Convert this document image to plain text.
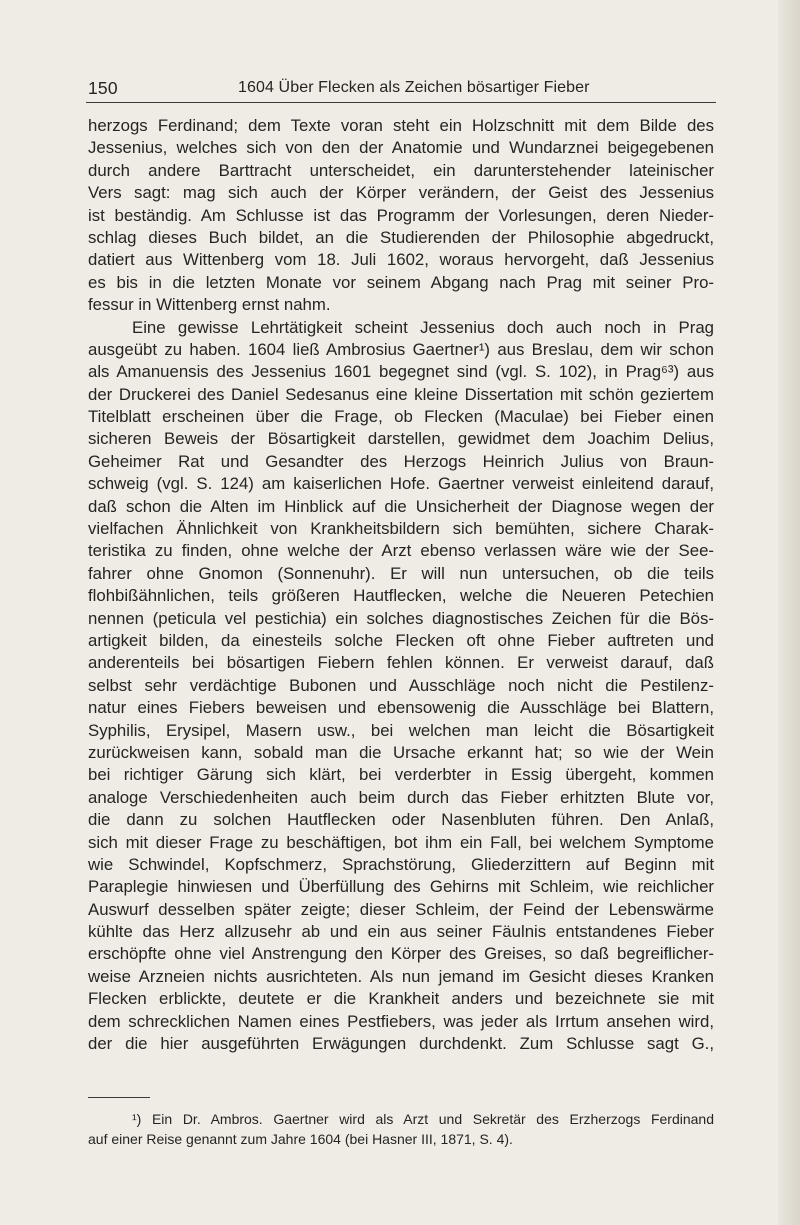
150	1604 Über Flecken als Zeichen bösartiger Fieber
herzogs Ferdinand; dem Texte voran steht ein Holzschnitt mit dem Bilde des
Jessenius, welches sich von den der Anatomie und Wundarznei beigegebenen
durch andere Barttracht unterscheidet, ein darunterstehender lateinischer
Vers sagt: mag sich auch der Körper verändern, der Geist des Jessenius
ist beständig. Am Schlusse ist das Programm der Vorlesungen, deren Nieder-
schlag dieses Buch bildet, an die Studierenden der Philosophie abgedruckt,
datiert aus Wittenberg vom 18. Juli 1602, woraus hervorgeht, daß Jessenius
es bis in die letzten Monate vor seinem Abgang nach Prag mit seiner Pro-
fessur in Wittenberg ernst nahm.
Eine gewisse Lehrtätigkeit scheint Jessenius doch auch noch in Prag
ausgeübt zu haben. 1604 ließ Ambrosius Gaertner¹) aus Breslau, dem wir schon
als Amanuensis des Jessenius 1601 begegnet sind (vgl. S. 102), in Prag⁶³) aus
der Druckerei des Daniel Sedesanus eine kleine Dissertation mit schön geziertem
Titelblatt erscheinen über die Frage, ob Flecken (Maculae) bei Fieber einen
sicheren Beweis der Bösartigkeit darstellen, gewidmet dem Joachim Delius,
Geheimer Rat und Gesandter des Herzogs Heinrich Julius von Braun-
schweig (vgl. S. 124) am kaiserlichen Hofe. Gaertner verweist einleitend darauf,
daß schon die Alten im Hinblick auf die Unsicherheit der Diagnose wegen der
vielfachen Ähnlichkeit von Krankheitsbildern sich bemühten, sichere Charak-
teristika zu finden, ohne welche der Arzt ebenso verlassen wäre wie der See-
fahrer ohne Gnomon (Sonnenuhr). Er will nun untersuchen, ob die teils
flohbißähnlichen, teils größeren Hautflecken, welche die Neueren Petechien
nennen (peticula vel pestichia) ein solches diagnostisches Zeichen für die Bös-
artigkeit bilden, da einesteils solche Flecken oft ohne Fieber auftreten und
anderenteils bei bösartigen Fiebern fehlen können. Er verweist darauf, daß
selbst sehr verdächtige Bubonen und Ausschläge noch nicht die Pestilenz-
natur eines Fiebers beweisen und ebensowenig die Ausschläge bei Blattern,
Syphilis, Erysipel, Masern usw., bei welchen man leicht die Bösartigkeit
zurückweisen kann, sobald man die Ursache erkannt hat; so wie der Wein
bei richtiger Gärung sich klärt, bei verderbter in Essig übergeht, kommen
analoge Verschiedenheiten auch beim durch das Fieber erhitzten Blute vor,
die dann zu solchen Hautflecken oder Nasenbluten führen. Den Anlaß,
sich mit dieser Frage zu beschäftigen, bot ihm ein Fall, bei welchem Symptome
wie Schwindel, Kopfschmerz, Sprachstörung, Gliederzittern auf Beginn mit
Paraplegie hinwiesen und Überfüllung des Gehirns mit Schleim, wie reichlicher
Auswurf desselben später zeigte; dieser Schleim, der Feind der Lebenswärme
kühlte das Herz allzusehr ab und ein aus seiner Fäulnis entstandenes Fieber
erschöpfte ohne viel Anstrengung den Körper des Greises, so daß begreiflicher-
weise Arzneien nichts ausrichteten. Als nun jemand im Gesicht dieses Kranken
Flecken erblickte, deutete er die Krankheit anders und bezeichnete sie mit
dem schrecklichen Namen eines Pestfiebers, was jeder als Irrtum ansehen wird,
der die hier ausgeführten Erwägungen durchdenkt. Zum Schlusse sagt G.,
¹) Ein Dr. Ambros. Gaertner wird als Arzt und Sekretär des Erzherzogs Ferdinand
auf einer Reise genannt zum Jahre 1604 (bei Hasner III, 1871, S. 4).
